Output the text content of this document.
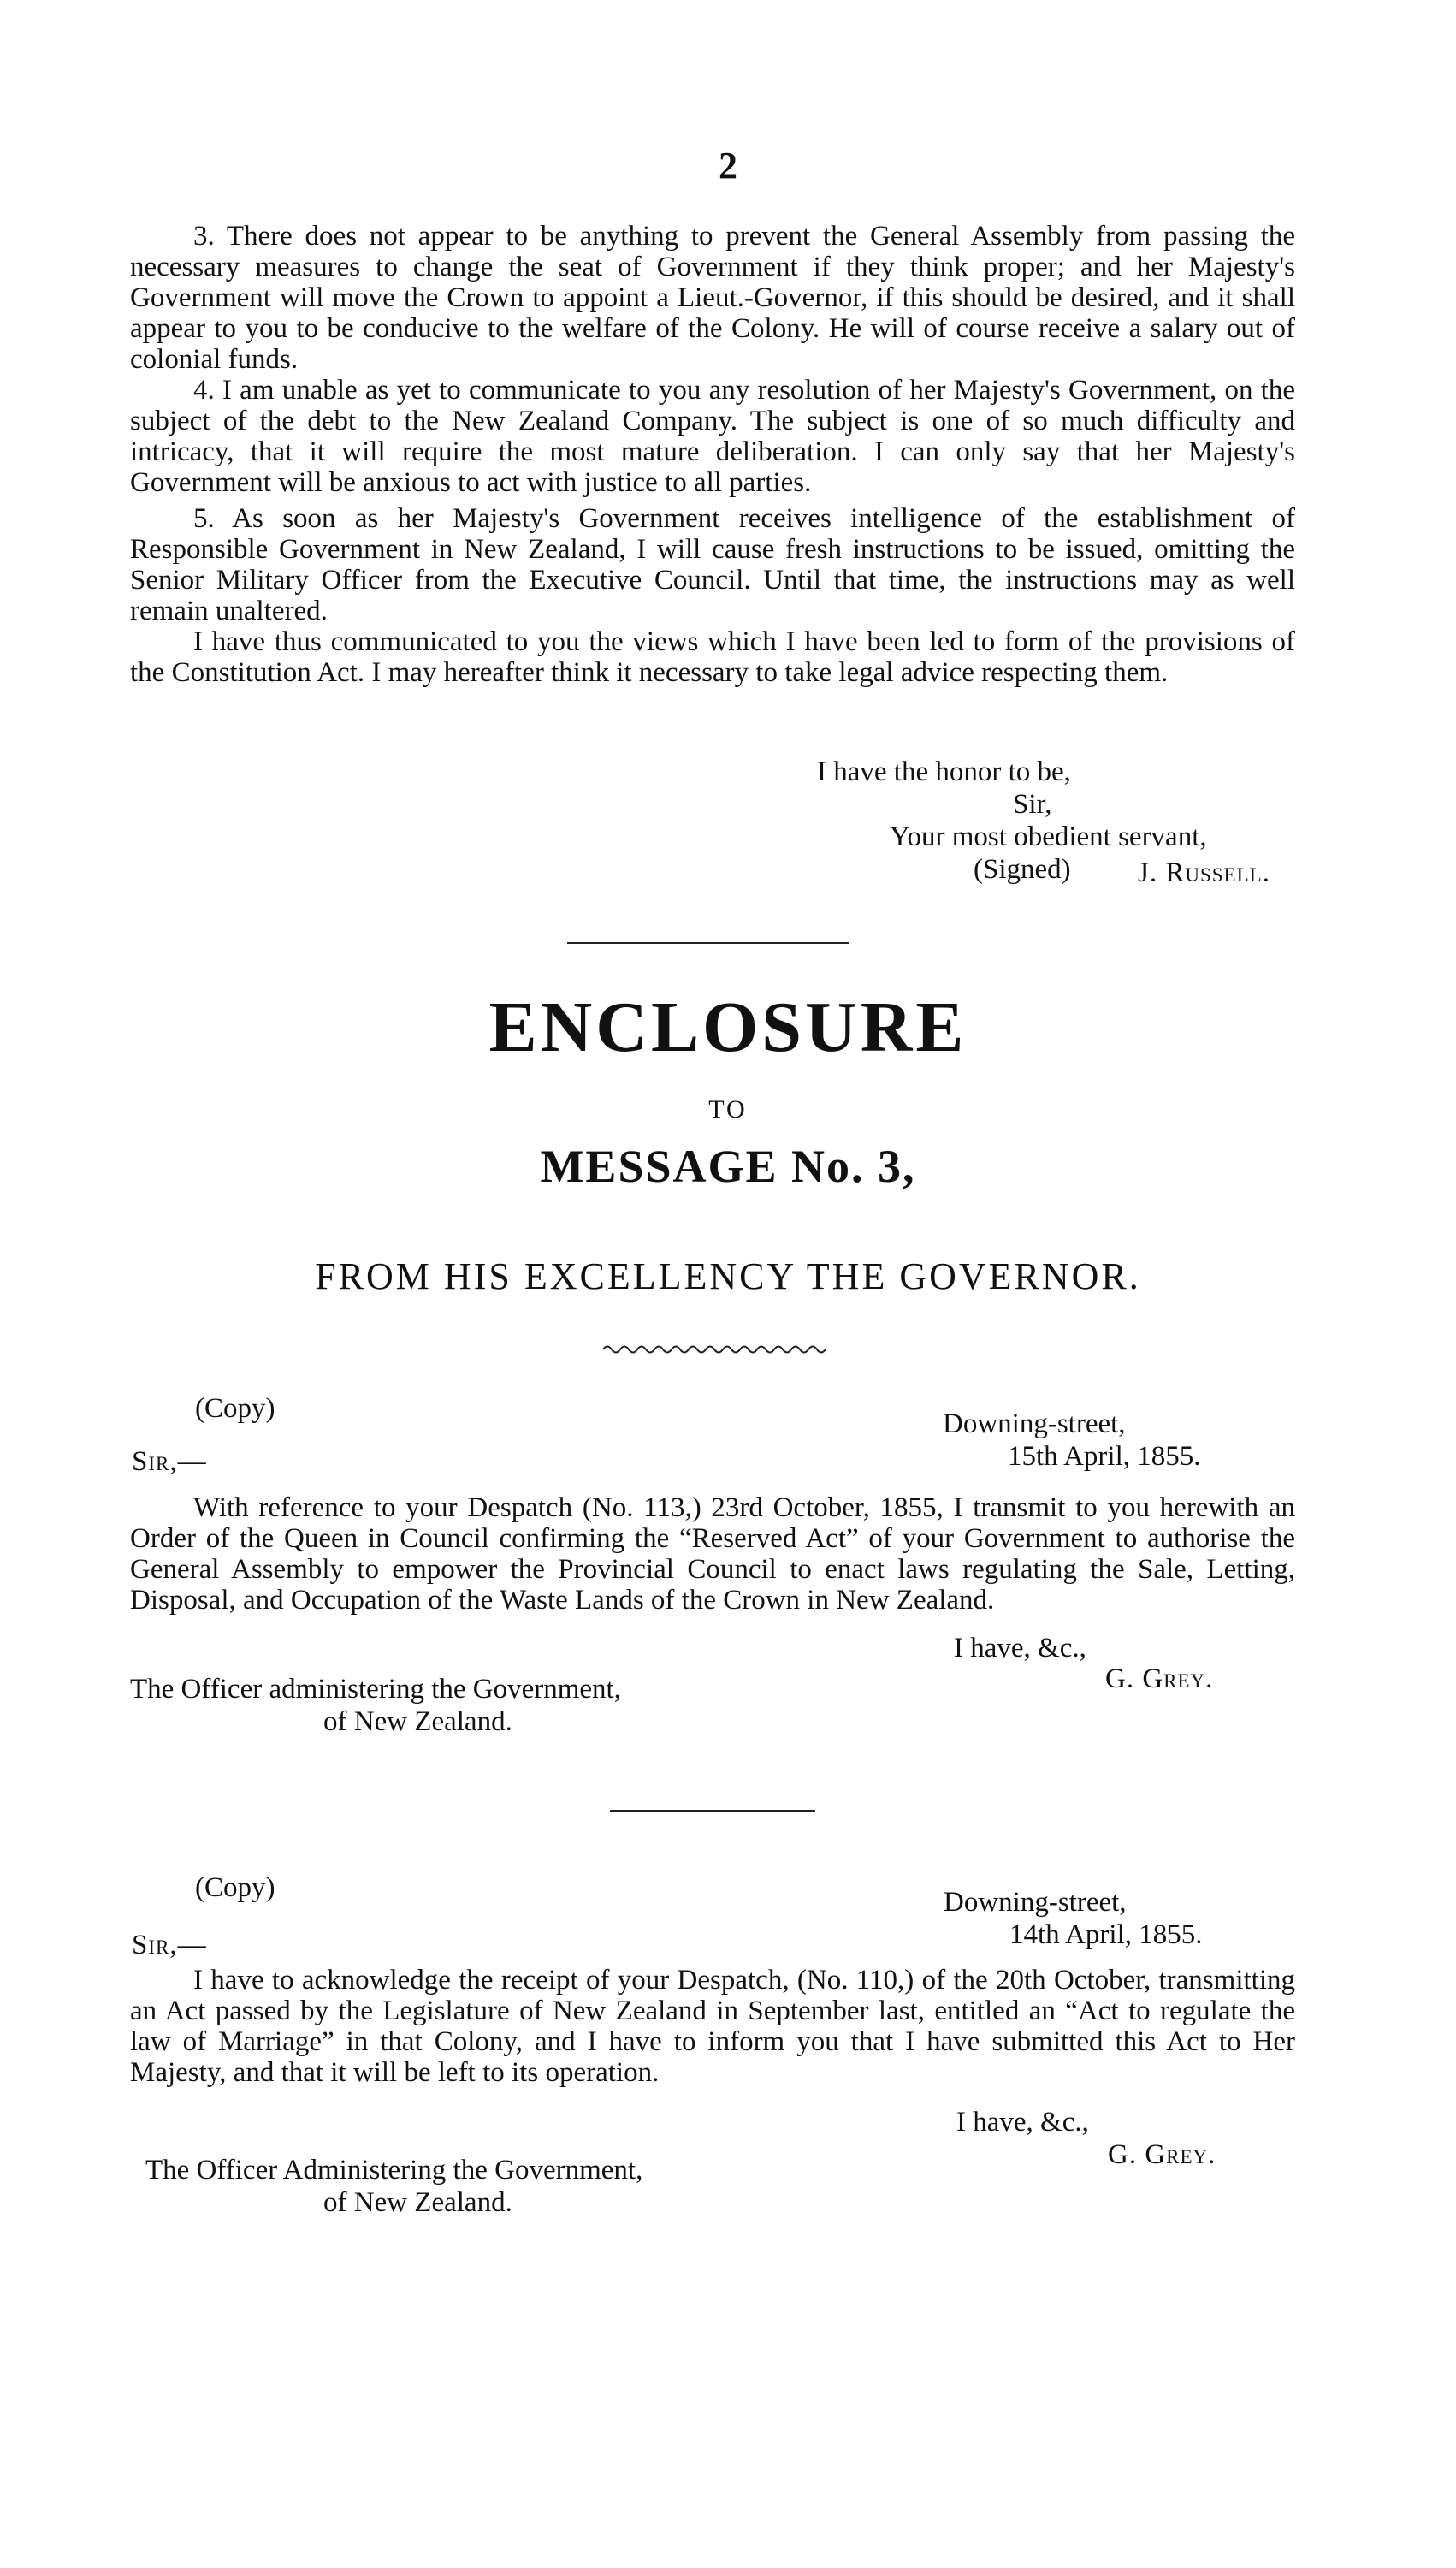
2

3. There does not appear to be anything to prevent the General Assembly from passing the necessary measures to change the seat of Government if they think proper; and her Majesty's Government will move the Crown to appoint a Lieut.-Governor, if this should be desired, and it shall appear to you to be conducive to the welfare of the Colony. He will of course receive a salary out of colonial funds.

4. I am unable as yet to communicate to you any resolution of her Majesty's Government, on the subject of the debt to the New Zealand Company. The subject is one of so much difficulty and intricacy, that it will require the most mature deliberation. I can only say that her Majesty's Government will be anxious to act with justice to all parties.

5. As soon as her Majesty's Government receives intelligence of the establishment of Responsible Government in New Zealand, I will cause fresh instructions to be issued, omitting the Senior Military Officer from the Executive Council. Until that time, the instructions may as well remain unaltered.

I have thus communicated to you the views which I have been led to form of the provisions of the Constitution Act. I may hereafter think it necessary to take legal advice respecting them.

I have the honor to be,
Sir,
Your most obedient servant,
(Signed) J. Russell.
ENCLOSURE
TO
MESSAGE No. 3,
FROM HIS EXCELLENCY THE GOVERNOR.
(Copy)	Downing-street,
15th April, 1855.
Sir,—

With reference to your Despatch (No. 113,) 23rd October, 1855, I transmit to you herewith an Order of the Queen in Council confirming the “Reserved Act” of your Government to authorise the General Assembly to empower the Provincial Council to enact laws regulating the Sale, Letting, Disposal, and Occupation of the Waste Lands of the Crown in New Zealand.

I have, &c.,
G. Grey.
The Officer administering the Government,
of New Zealand.
(Copy)	Downing-street,
14th April, 1855.
Sir,—

I have to acknowledge the receipt of your Despatch, (No. 110,) of the 20th October, transmitting an Act passed by the Legislature of New Zealand in September last, entitled an “Act to regulate the law of Marriage” in that Colony, and I have to inform you that I have submitted this Act to Her Majesty, and that it will be left to its operation.

I have, &c.,
G. Grey.
The Officer Administering the Government,
of New Zealand.
